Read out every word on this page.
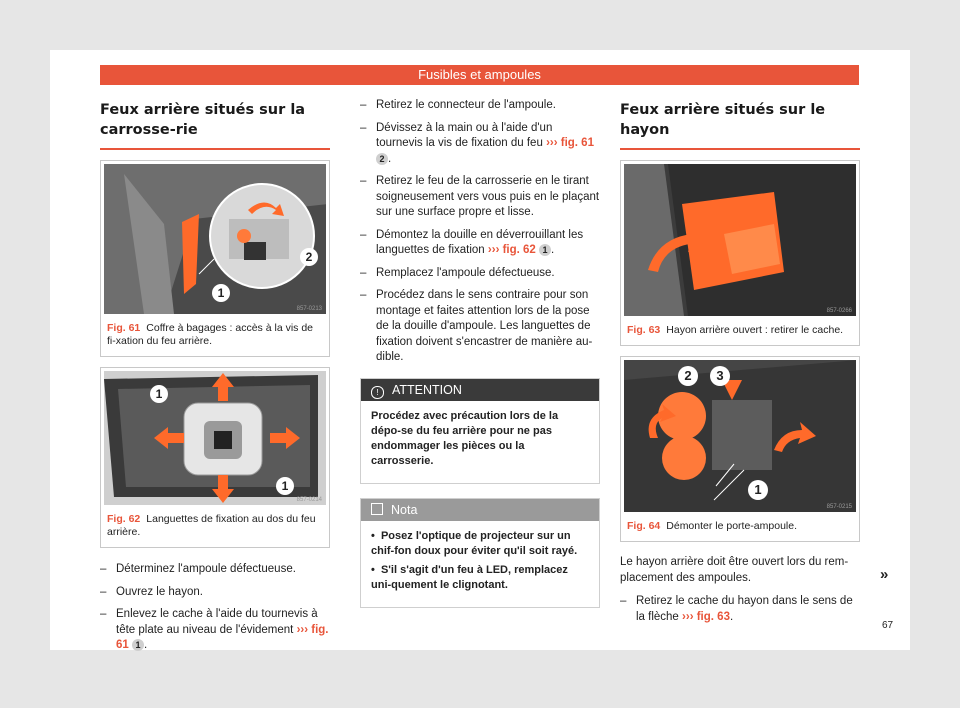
Fusibles et ampoules
Feux arrière situés sur la carrosse-rie
1
2
857-0213
Fig. 61 Coffre à bagages : accès à la vis de fi-xation du feu arrière.
1
1
857-0214
Fig. 62 Languettes de fixation au dos du feu arrière.
– Déterminez l'ampoule défectueuse.
– Ouvrez le hayon.
– Enlevez le cache à l'aide du tournevis à tête plate au niveau de l'évidement ››› fig. 61 1 .
– Retirez le connecteur de l'ampoule.
– Dévissez à la main ou à l'aide d'un tournevis la vis de fixation du feu ››› fig. 61 2 .
– Retirez le feu de la carrosserie en le tirant soigneusement vers vous puis en le plaçant sur une surface propre et lisse.
– Démontez la douille en déverrouillant les languettes de fixation ››› fig. 62 1 .
– Remplacez l'ampoule défectueuse.
– Procédez dans le sens contraire pour son montage et faites attention lors de la pose de la douille d'ampoule. Les languettes de fixation doivent s'encastrer de manière au-dible.
! ATTENTION

Procédez avec précaution lors de la dépo-se du feu arrière pour ne pas endommager les pièces ou la carrosserie.

Nota

•  Posez l'optique de projecteur sur un chif-fon doux pour éviter qu'il soit rayé.

•  S'il s'agit d'un feu à LED, remplacez uni-quement le clignotant.

Feux arrière situés sur le hayon
857-0266
Fig. 63 Hayon arrière ouvert : retirer le cache.
2	3
1
857-0215
Fig. 64 Démonter le porte-ampoule.

Le hayon arrière doit être ouvert lors du rem-placement des ampoules.

– Retirez le cache du hayon dans le sens de la flèche ››› fig. 63.
»
67
